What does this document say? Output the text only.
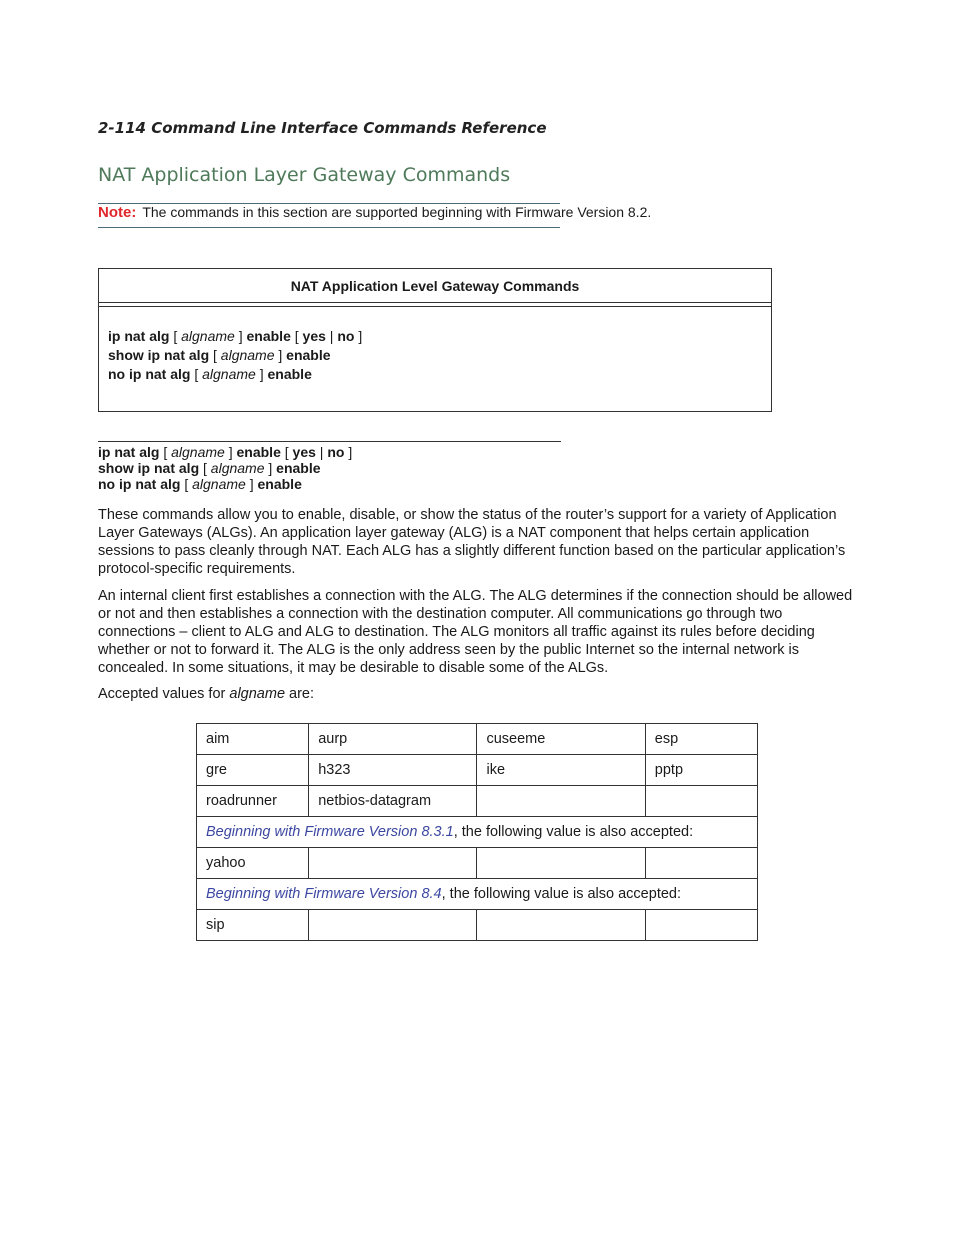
2-114 Command Line Interface Commands Reference
NAT Application Layer Gateway Commands
Note: The commands in this section are supported beginning with Firmware Version 8.2.
NAT Application Level Gateway Commands
ip nat alg [ algname ] enable [ yes | no ]
show ip nat alg [ algname ] enable
no ip nat alg [ algname ] enable
ip nat alg [ algname ] enable [ yes | no ]
show ip nat alg [ algname ] enable
no ip nat alg [ algname ] enable
These commands allow you to enable, disable, or show the status of the router’s support for a variety of Application Layer Gateways (ALGs). An application layer gateway (ALG) is a NAT component that helps certain application sessions to pass cleanly through NAT. Each ALG has a slightly different function based on the particular application’s protocol-specific requirements.
An internal client first establishes a connection with the ALG. The ALG determines if the connection should be allowed or not and then establishes a connection with the destination computer. All communications go through two connections – client to ALG and ALG to destination. The ALG monitors all traffic against its rules before deciding whether or not to forward it. The ALG is the only address seen by the public Internet so the internal network is concealed. In some situations, it may be desirable to disable some of the ALGs.
Accepted values for algname are:
aim	aurp	cuseeme	esp
gre	h323	ike	pptp
roadrunner	netbios-datagram		
Beginning with Firmware Version 8.3.1, the following value is also accepted:			
yahoo			
Beginning with Firmware Version 8.4, the following value is also accepted:			
sip			
